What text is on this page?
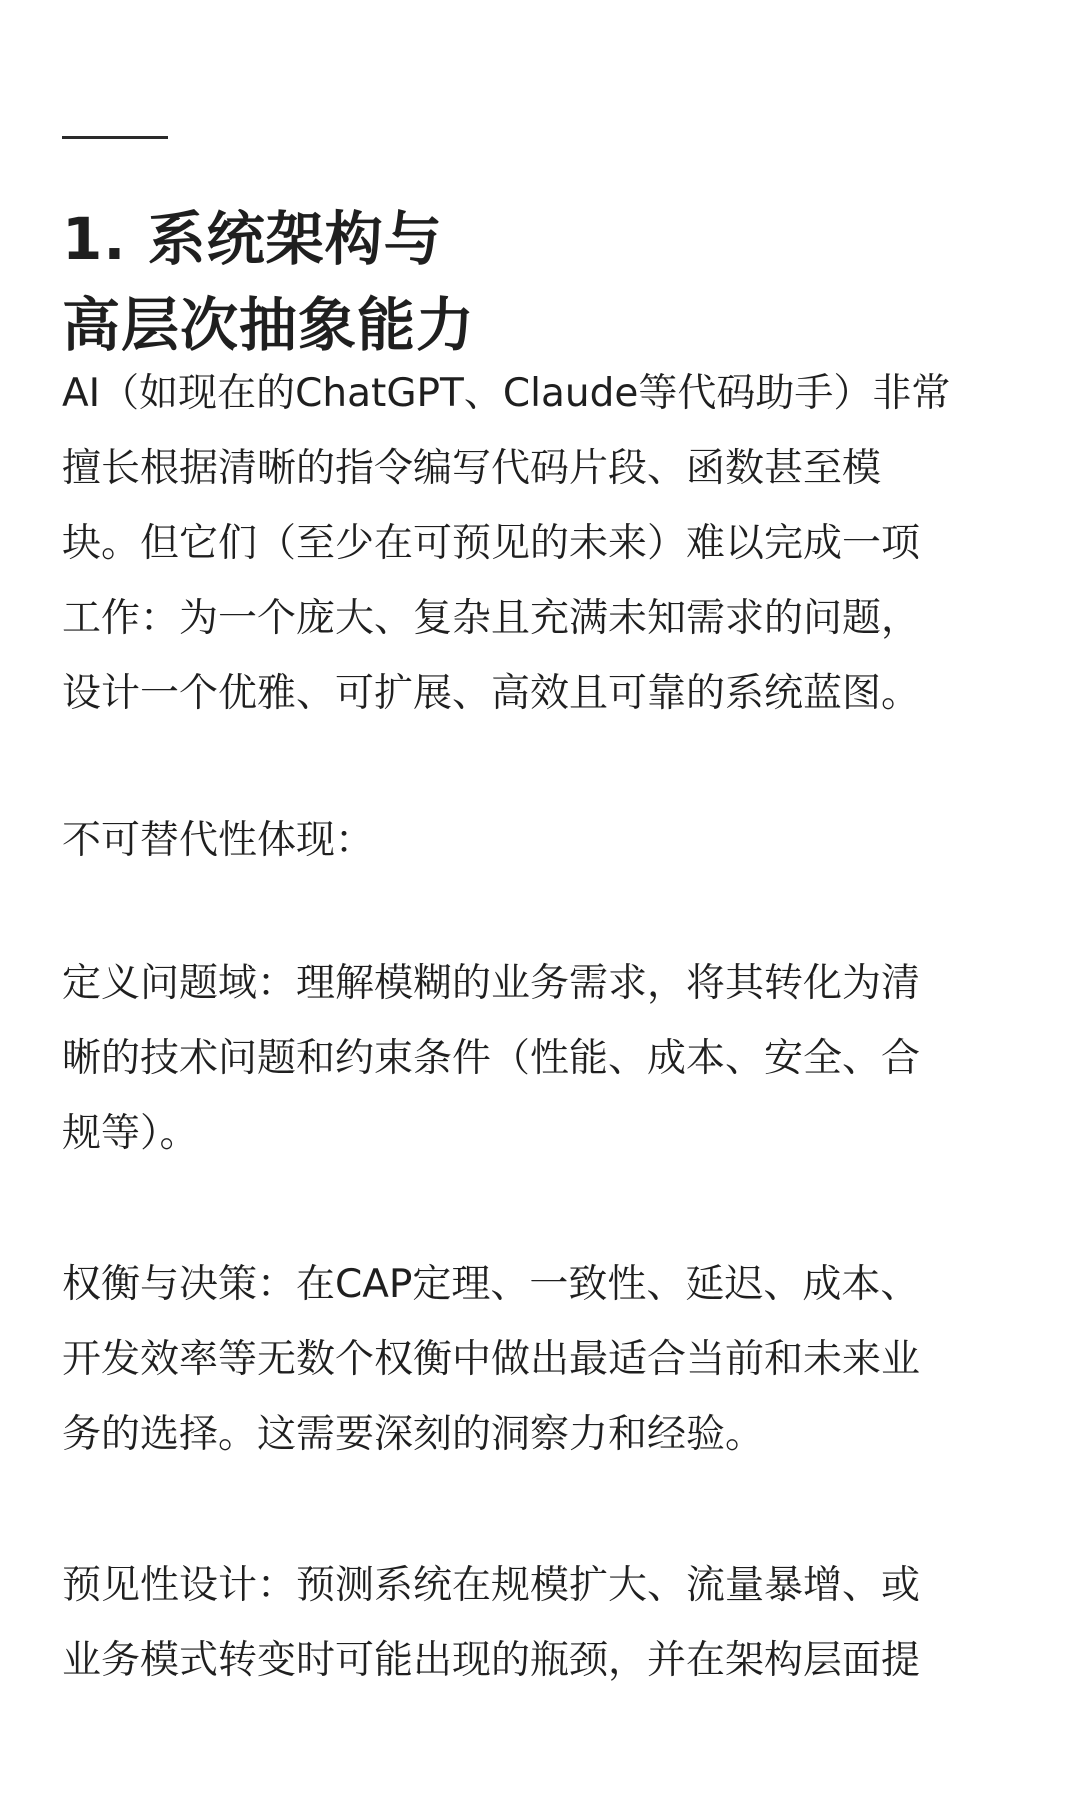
1. 系统架构与
高层次抽象能力

AI（如现在的ChatGPT、Claude等代码助手）非常
擅长根据清晰的指令编写代码片段、函数甚至模
块。但它们（至少在可预见的未来）难以完成一项
工作：为一个庞大、复杂且充满未知需求的问题，
设计一个优雅、可扩展、高效且可靠的系统蓝图。

不可替代性体现：

定义问题域：理解模糊的业务需求，将其转化为清
晰的技术问题和约束条件（性能、成本、安全、合
规等）。

权衡与决策：在CAP定理、一致性、延迟、成本、
开发效率等无数个权衡中做出最适合当前和未来业
务的选择。这需要深刻的洞察力和经验。

预见性设计：预测系统在规模扩大、流量暴增、或
业务模式转变时可能出现的瓶颈，并在架构层面提
